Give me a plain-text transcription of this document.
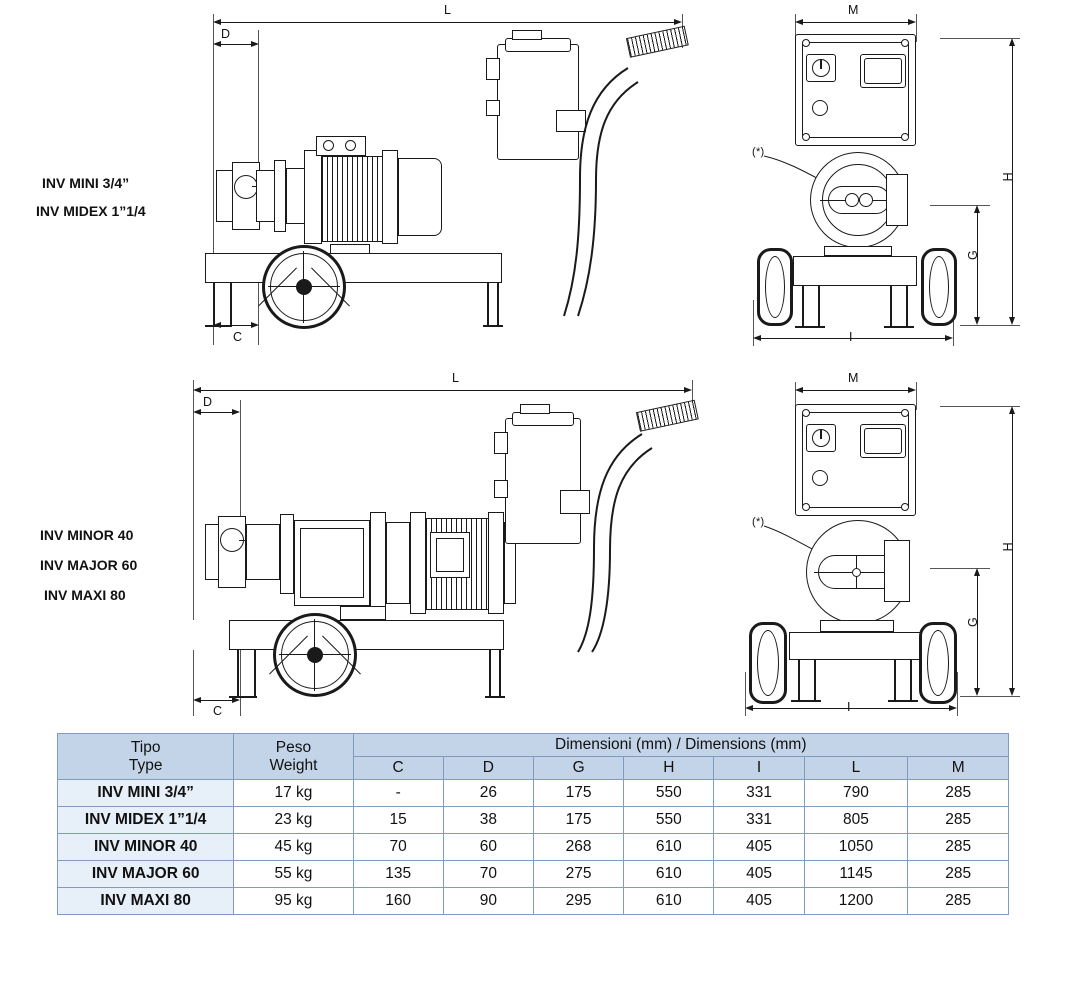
INV MINI 3/4”
INV MIDEX 1”1/4
L
D
C
M
H
G
I
(*)
INV MINOR 40
INV MAJOR 60
INV MAXI 80
L
D
C
M
H
G
I
(*)
Tipo
Type

Peso
Weight
	Dimensioni (mm) / Dimensions (mm)
		C	D	G	H	I	L	M
INV MINI 3/4”	17 kg	-	26	175	550	331	790	285
INV MIDEX 1”1/4	23 kg	15	38	175	550	331	805	285
INV MINOR 40	45 kg	70	60	268	610	405	1050	285
INV MAJOR 60	55 kg	135	70	275	610	405	1145	285
INV MAXI 80	95 kg	160	90	295	610	405	1200	285
